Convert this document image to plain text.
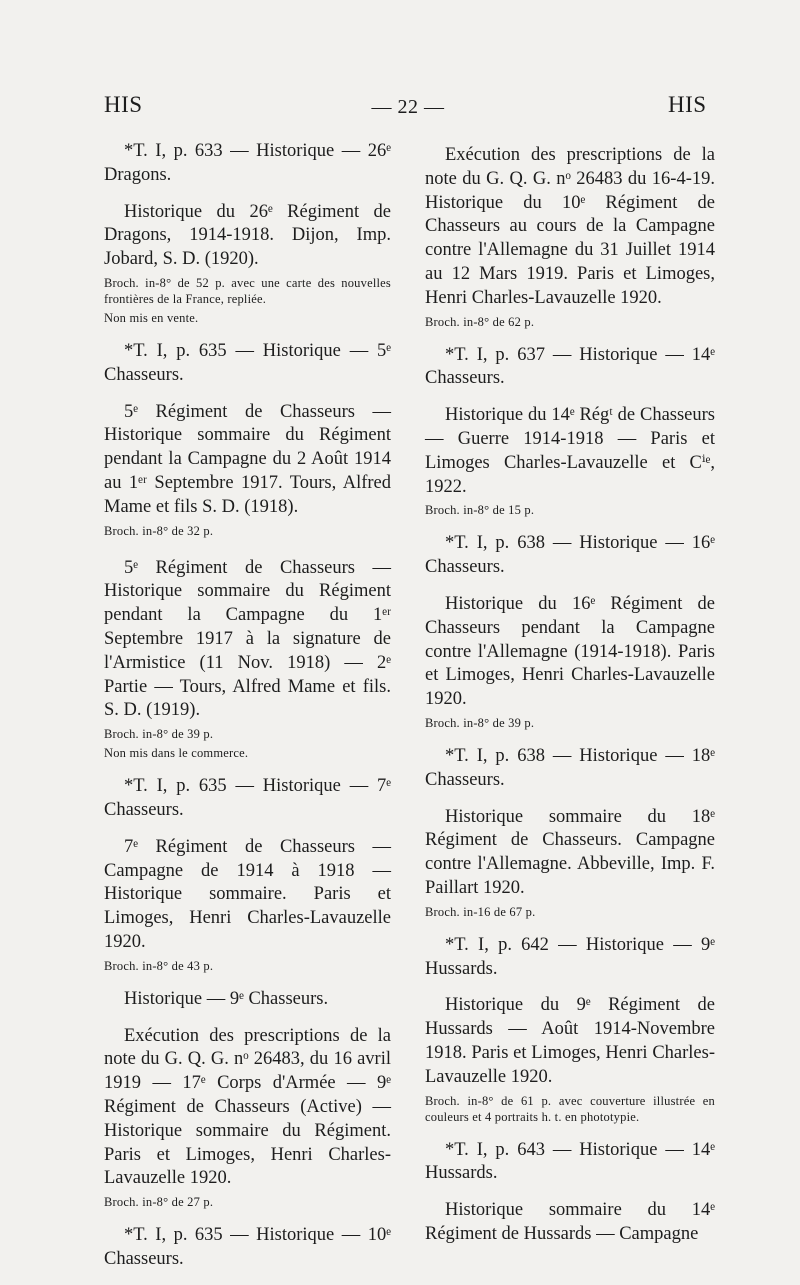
HIS	— 22 —	HIS

*T. I, p. 633 — Historique — 26ᵉ Dragons.

Historique du 26ᵉ Régiment de Dragons, 1914-1918. Dijon, Imp. Jobard, S. D. (1920).

Broch. in-8° de 52 p. avec une carte des nouvelles frontières de la France, repliée.

Non mis en vente.

*T. I, p. 635 — Historique — 5ᵉ Chasseurs.

5ᵉ Régiment de Chasseurs — Historique sommaire du Régiment pendant la Campagne du 2 Août 1914 au 1ᵉʳ Septembre 1917. Tours, Alfred Mame et fils S. D. (1918).

Broch. in-8° de 32 p.

5ᵉ Régiment de Chasseurs — Historique sommaire du Régiment pendant la Campagne du 1ᵉʳ Septembre 1917 à la signature de l'Armistice (11 Nov. 1918) — 2ᵉ Partie — Tours, Alfred Mame et fils. S. D. (1919).

Broch. in-8° de 39 p.

Non mis dans le commerce.

*T. I, p. 635 — Historique — 7ᵉ Chasseurs.

7ᵉ Régiment de Chasseurs — Campagne de 1914 à 1918 — Historique sommaire. Paris et Limoges, Henri Charles-Lavauzelle 1920.

Broch. in-8° de 43 p.

Historique — 9ᵉ Chasseurs.

Exécution des prescriptions de la note du G. Q. G. nᵒ 26483, du 16 avril 1919 — 17ᵉ Corps d'Armée — 9ᵉ Régiment de Chasseurs (Active) — Historique sommaire du Régiment. Paris et Limoges, Henri Charles-Lavauzelle 1920.

Broch. in-8° de 27 p.

*T. I, p. 635 — Historique — 10ᵉ Chasseurs.

Exécution des prescriptions de la note du G. Q. G. nᵒ 26483 du 16-4-19. Historique du 10ᵉ Régiment de Chasseurs au cours de la Campagne contre l'Allemagne du 31 Juillet 1914 au 12 Mars 1919. Paris et Limoges, Henri Charles-Lavauzelle 1920.

Broch. in-8° de 62 p.

*T. I, p. 637 — Historique — 14ᵉ Chasseurs.

Historique du 14ᵉ Régᵗ de Chasseurs — Guerre 1914-1918 — Paris et Limoges Charles-Lavauzelle et Cⁱᵉ, 1922.

Broch. in-8° de 15 p.

*T. I, p. 638 — Historique — 16ᵉ Chasseurs.

Historique du 16ᵉ Régiment de Chasseurs pendant la Campagne contre l'Allemagne (1914-1918). Paris et Limoges, Henri Charles-Lavauzelle 1920.

Broch. in-8° de 39 p.

*T. I, p. 638 — Historique — 18ᵉ Chasseurs.

Historique sommaire du 18ᵉ Régiment de Chasseurs. Campagne contre l'Allemagne. Abbeville, Imp. F. Paillart 1920.

Broch. in-16 de 67 p.

*T. I, p. 642 — Historique — 9ᵉ Hussards.

Historique du 9ᵉ Régiment de Hussards — Août 1914-Novembre 1918. Paris et Limoges, Henri Charles-Lavauzelle 1920.

Broch. in-8° de 61 p. avec couverture illustrée en couleurs et 4 portraits h. t. en phototypie.

*T. I, p. 643 — Historique — 14ᵉ Hussards.

Historique sommaire du 14ᵉ Régiment de Hussards — Campagne
